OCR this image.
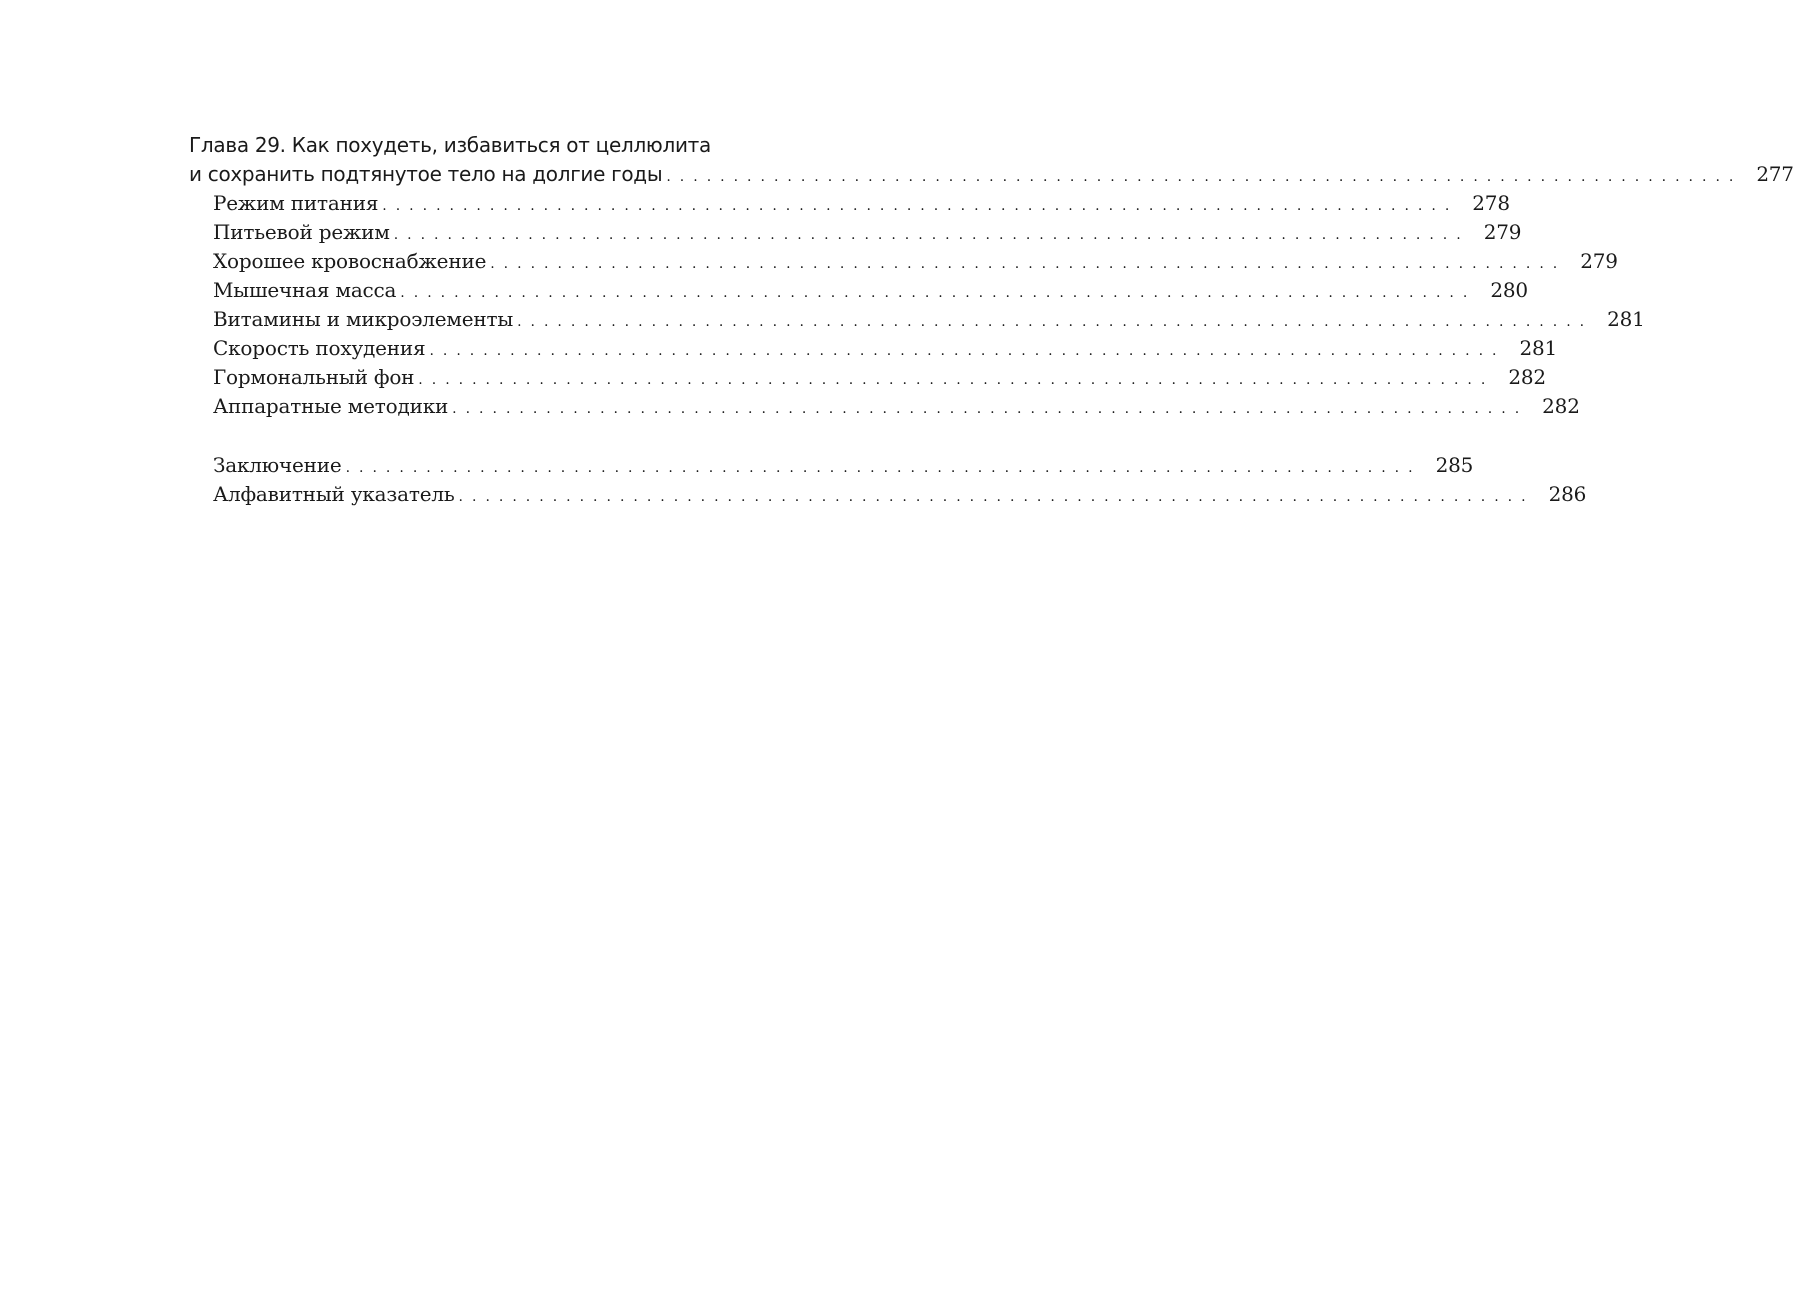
Глава 29. Как похудеть, избавиться от целлюлита
и сохранить подтянутое тело на долгие годы ................................................................................ 277
Режим питания ................................................................................ 278
Питьевой режим ................................................................................ 279
Хорошее кровоснабжение ................................................................................ 279
Мышечная масса ................................................................................ 280
Витамины и микроэлементы ................................................................................ 281
Скорость похудения ................................................................................ 281
Гормональный фон ................................................................................ 282
Аппаратные методики ................................................................................ 282
Заключение ................................................................................ 285
Алфавитный указатель ................................................................................ 286
